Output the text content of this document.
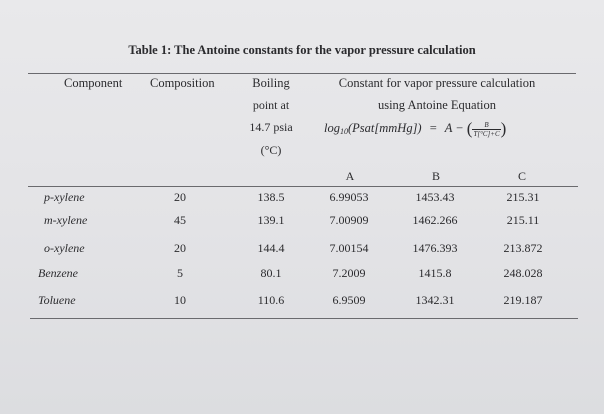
Table 1: The Antoine constants for the vapor pressure calculation
Component Composition	Boiling
point at
14.7 psia
(°C)
Constant for vapor pressure calculation
using Antoine Equation
log10(Psat[mmHg]) = A − ( $\frac{B}{T[^\circ C]+C}$ )
A	B	C
p-xylene	20	138.5	6.99053	1453.43	215.31
m-xylene	45	139.1	7.00909	1462.266	215.11
o-xylene	20	144.4	7.00154	1476.393	213.872
Benzene	5	80.1	7.2009	1415.8	248.028
Toluene	10	110.6	6.9509	1342.31	219.187
